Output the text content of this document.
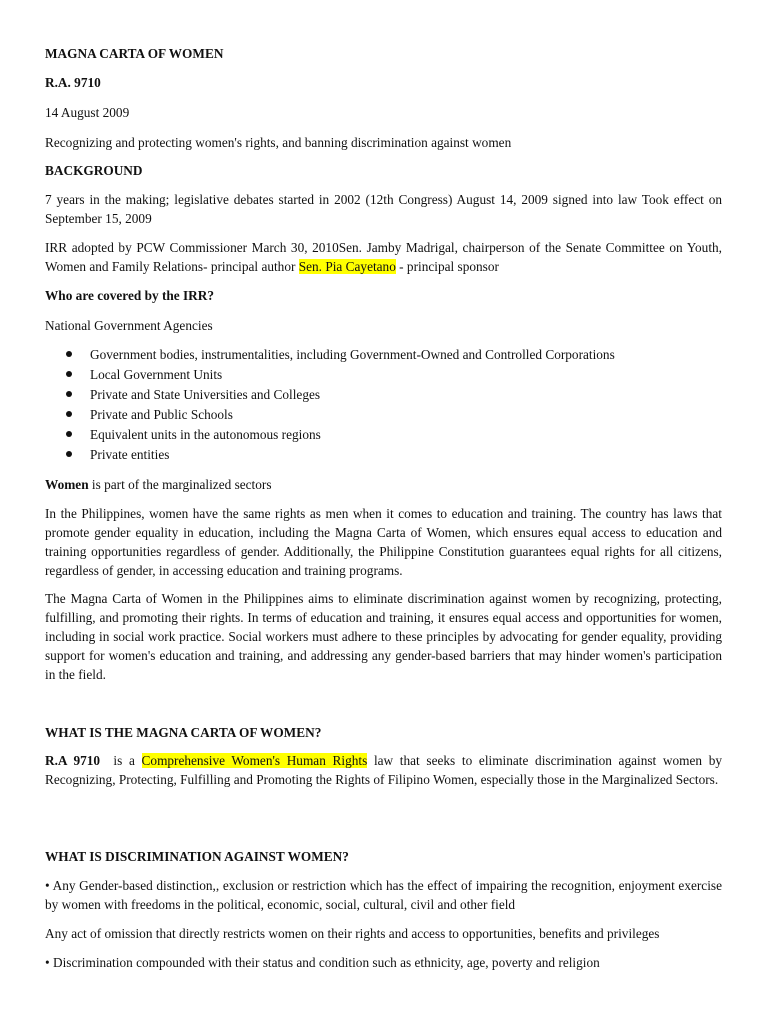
MAGNA CARTA OF WOMEN

R.A. 9710

14 August 2009

Recognizing and protecting women's rights, and banning discrimination against women

BACKGROUND

7 years in the making; legislative debates started in 2002 (12th Congress) August 14, 2009 signed into law Took effect on September 15, 2009

IRR adopted by PCW Commissioner March 30, 2010Sen. Jamby Madrigal, chairperson of the Senate Committee on Youth, Women and Family Relations- principal author Sen. Pia Cayetano - principal sponsor

Who are covered by the IRR?

National Government Agencies

Government bodies, instrumentalities, including Government-Owned and Controlled Corporations
Local Government Units
Private and State Universities and Colleges
Private and Public Schools
Equivalent units in the autonomous regions
Private entities

Women is part of the marginalized sectors

In the Philippines, women have the same rights as men when it comes to education and training. The country has laws that promote gender equality in education, including the Magna Carta of Women, which ensures equal access to education and training opportunities regardless of gender. Additionally, the Philippine Constitution guarantees equal rights for all citizens, regardless of gender, in accessing education and training programs.

The Magna Carta of Women in the Philippines aims to eliminate discrimination against women by recognizing, protecting, fulfilling, and promoting their rights. In terms of education and training, it ensures equal access and opportunities for women, including in social work practice. Social workers must adhere to these principles by advocating for gender equality, providing support for women's education and training, and addressing any gender-based barriers that may hinder women's participation in the field.

WHAT IS THE MAGNA CARTA OF WOMEN?

R.A 9710  is a Comprehensive Women's Human Rights law that seeks to eliminate discrimination against women by Recognizing, Protecting, Fulfilling and Promoting the Rights of Filipino Women, especially those in the Marginalized Sectors.

WHAT IS DISCRIMINATION AGAINST WOMEN?

• Any Gender-based distinction,, exclusion or restriction which has the effect of impairing the recognition, enjoyment exercise by women with freedoms in the political, economic, social, cultural, civil and other field

Any act of omission that directly restricts women on their rights and access to opportunities, benefits and privileges

• Discrimination compounded with their status and condition such as ethnicity, age, poverty and religion
